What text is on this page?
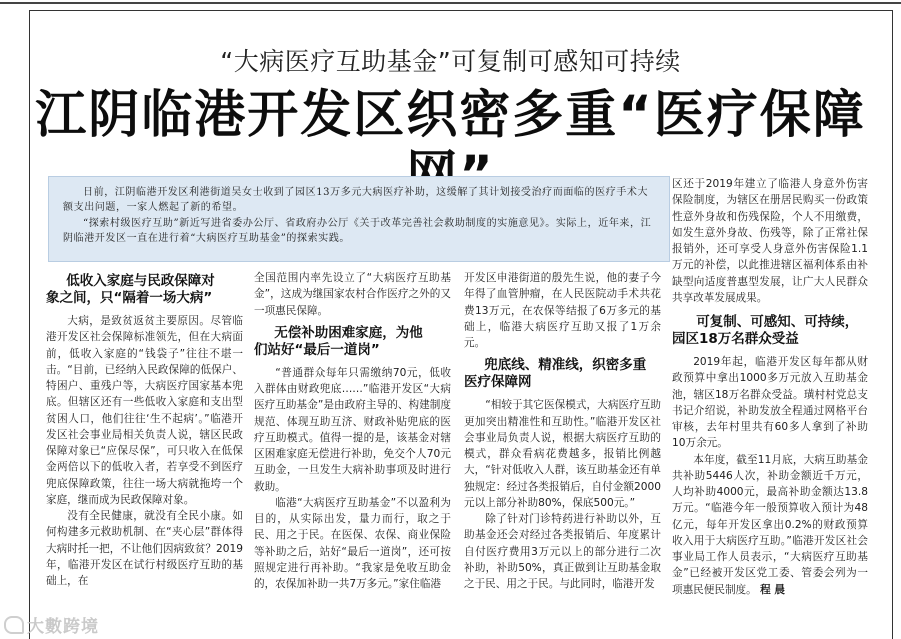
“大病医疗互助基金”可复制可感知可持续
江阴临港开发区织密多重“医疗保障

日前，江阴临港开发区利港街道吴女士收到了园区13万多元大病医疗补助，这缓解了其计划接受治疗而面临的医疗手术大额支出问题，一家人燃起了新的希望。

“探索村级医疗互助”新近写进省委办公厅、省政府办公厅《关于改革完善社会救助制度的实施意见》。实际上，近年来，江阴临港开发区一直在进行着“大病医疗互助基金”的探索实践。

低收入家庭与民政保障对
象之间，只“隔着一场大病”

大病，是致贫返贫主要原因。尽管临港开发区社会保障标准领先，但在大病面前，低收入家庭的“钱袋子”往往不堪一击。“目前，已经纳入民政保障的低保户、特困户、重残户等，大病医疗国家基本兜底。但辖区还有一些低收入家庭和支出型贫困人口，他们往往‘生不起病’。”临港开发区社会事业局相关负责人说，辖区民政保障对象已“应保尽保”，可只收入在低保金两倍以下的低收入者，若享受不到医疗兜底保障政策，往往一场大病就拖垮一个家庭，继而成为民政保障对象。

没有全民健康，就没有全民小康。如何构建多元救助机制、在“夹心层”群体得大病时托一把，不让他们因病致贫？2019年，临港开发区在试行村级医疗互助的基础上，在

全国范围内率先设立了“大病医疗互助基金”，这成为继国家农村合作医疗之外的又一项惠民保障。

无偿补助困难家庭，为他
们站好“最后一道岗”

“普通群众每年只需缴纳70元，低收入群体由财政兜底……”临港开发区“大病医疗互助基金”是由政府主导的、构建制度规范、体现互助互济、财政补贴兜底的医疗互助模式。值得一提的是，该基金对辖区困难家庭无偿进行补助，免交个人70元互助金，一旦发生大病补助事项及时进行救助。

临港“大病医疗互助基金”不以盈利为目的，从实际出发，量力而行，取之于民、用之于民。在医保、农保、商业保险等补助之后，站好“最后一道岗”，还可按照规定进行再补助。“我家是免收互助金的，农保加补助一共7万多元。”家住临港

开发区申港街道的殷先生说，他的妻子今年得了血管肿瘤，在人民医院动手术共花费13万元，在农保等结报了6万多元的基础上，临港大病医疗互助又报了1万余元。

兜底线、精准线，织密多重
医疗保障网

“相较于其它医保模式，大病医疗互助更加突出精准性和互助性。”临港开发区社会事业局负责人说，根据大病医疗互助的模式，群众看病花费越多，报销比例越大，“针对低收入人群，该互助基金还有单独规定：经过各类报销后，自付金额2000元以上部分补助80%，保底500元。”

除了针对门诊特药进行补助以外，互助基金还会对经过各类报销后、年度累计自付医疗费用3万元以上的部分进行二次补助，补助50%，真正做到让互助基金取之于民、用之于民。与此同时，临港开发

区还于2019年建立了临港人身意外伤害保险制度，为辖区在册居民购买一份政策性意外身故和伤残保险，个人不用缴费，如发生意外身故、伤残等，除了正常社保报销外，还可享受人身意外伤害保险1.1万元的补偿，以此推进辖区福利体系由补缺型向适度普惠型发展，让广大人民群众共享改革发展成果。

可复制、可感知、可持续，
园区18万名群众受益

2019年起，临港开发区每年都从财政预算中拿出1000多万元放入互助基金池，辖区18万名群众受益。璜村村党总支书记介绍说，补助发放全程通过网格平台审核，去年村里共有60多人拿到了补助10万余元。

本年度，截至11月底，大病互助基金共补助5446人次，补助金额近千万元，人均补助4000元，最高补助金额达13.8万元。“临港今年一般预算收入预计为48亿元，每年开发区拿出0.2%的财政预算收入用于大病医疗互助。”临港开发区社会事业局工作人员表示，“大病医疗互助基金”已经被开发区党工委、管委会列为一项惠民便民制度。 程 晨

大數跨境
